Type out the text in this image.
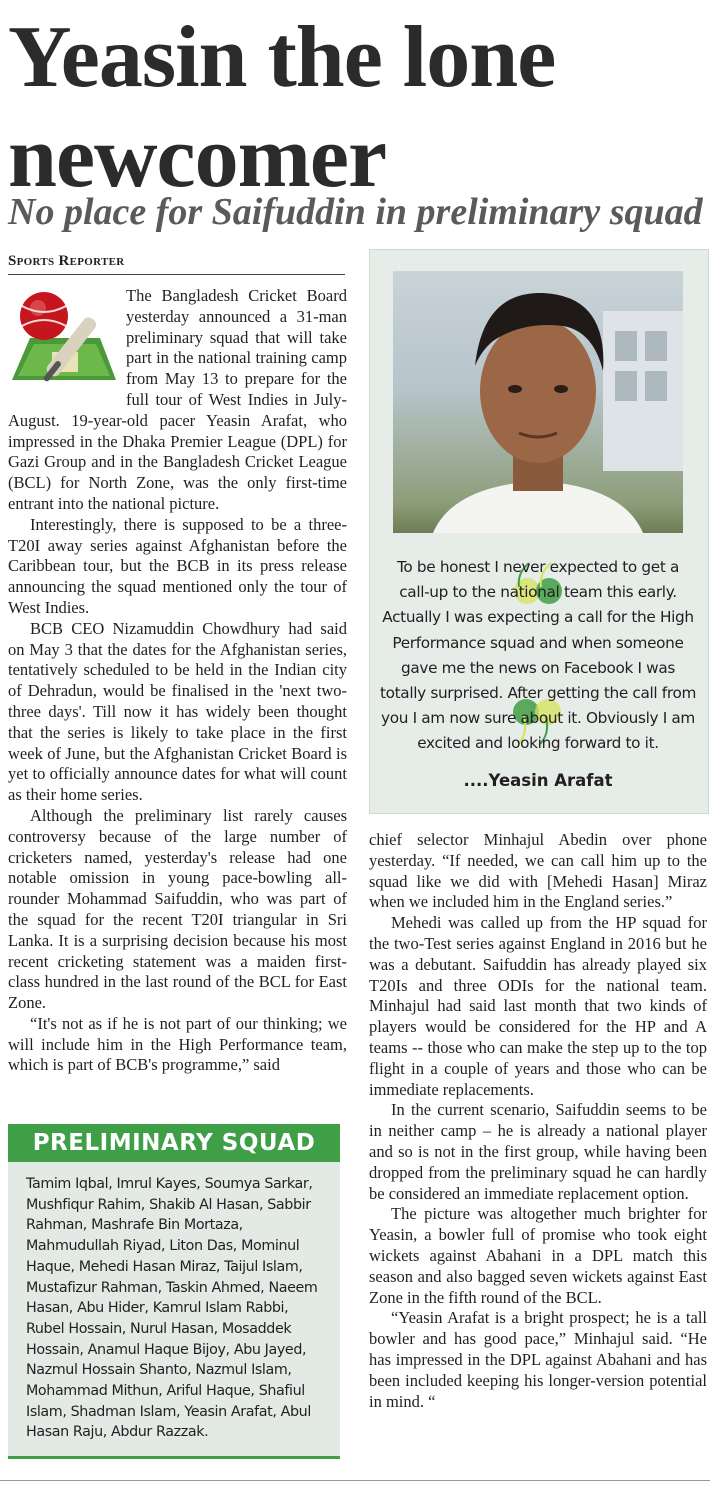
Yeasin the lone
newcomer
No place for Saifuddin in preliminary squad
Sports Reporter

The Bangladesh Cricket Board yesterday announced a 31-man preliminary squad that will take part in the national training camp from May 13 to prepare for the full tour of West Indies in July-August. 19-year-old pacer Yeasin Arafat, who impressed in the Dhaka Premier League (DPL) for Gazi Group and in the Bangladesh Cricket League (BCL) for North Zone, was the only first-time entrant into the national picture.

Interestingly, there is supposed to be a three-T20I away series against Afghanistan before the Caribbean tour, but the BCB in its press release announcing the squad mentioned only the tour of West Indies.

BCB CEO Nizamuddin Chowdhury had said on May 3 that the dates for the Afghanistan series, tentatively scheduled to be held in the Indian city of Dehradun, would be finalised in the 'next two-three days'. Till now it has widely been thought that the series is likely to take place in the first week of June, but the Afghanistan Cricket Board is yet to officially announce dates for what will count as their home series.

Although the preliminary list rarely causes controversy because of the large number of cricketers named, yesterday's release had one notable omission in young pace-bowling all-rounder Mohammad Saifuddin, who was part of the squad for the recent T20I triangular in Sri Lanka. It is a surprising decision because his most recent cricketing statement was a maiden first-class hundred in the last round of the BCL for East Zone.

“It's not as if he is not part of our thinking; we will include him in the High Performance team, which is part of BCB's programme,” said

To be honest I never expected to get a call-up to the national team this early. Actually I was expecting a call for the High Performance squad and when someone gave me the news on Facebook I was totally surprised. After getting the call from you I am now sure about it. Obviously I am excited and looking forward to it.
....Yeasin Arafat

chief selector Minhajul Abedin over phone yesterday. “If needed, we can call him up to the squad like we did with [Mehedi Hasan] Miraz when we included him in the England series.”

Mehedi was called up from the HP squad for the two-Test series against England in 2016 but he was a debutant. Saifuddin has already played six T20Is and three ODIs for the national team. Minhajul had said last month that two kinds of players would be considered for the HP and A teams -- those who can make the step up to the top flight in a couple of years and those who can be immediate replacements.

In the current scenario, Saifuddin seems to be in neither camp – he is already a national player and so is not in the first group, while having been dropped from the preliminary squad he can hardly be considered an immediate replacement option.

The picture was altogether much brighter for Yeasin, a bowler full of promise who took eight wickets against Abahani in a DPL match this season and also bagged seven wickets against East Zone in the fifth round of the BCL.

“Yeasin Arafat is a bright prospect; he is a tall bowler and has good pace,” Minhajul said. “He has impressed in the DPL against Abahani and has been included keeping his longer-version potential in mind. “

PRELIMINARY SQUAD
Tamim Iqbal, Imrul Kayes, Soumya Sarkar, Mushfiqur Rahim, Shakib Al Hasan, Sabbir Rahman, Mashrafe Bin Mortaza, Mahmudullah Riyad, Liton Das, Mominul Haque, Mehedi Hasan Miraz, Taijul Islam, Mustafizur Rahman, Taskin Ahmed, Naeem Hasan, Abu Hider, Kamrul Islam Rabbi, Rubel Hossain, Nurul Hasan, Mosaddek Hossain, Anamul Haque Bijoy, Abu Jayed, Nazmul Hossain Shanto, Nazmul Islam, Mohammad Mithun, Ariful Haque, Shafiul Islam, Shadman Islam, Yeasin Arafat, Abul Hasan Raju, Abdur Razzak.
